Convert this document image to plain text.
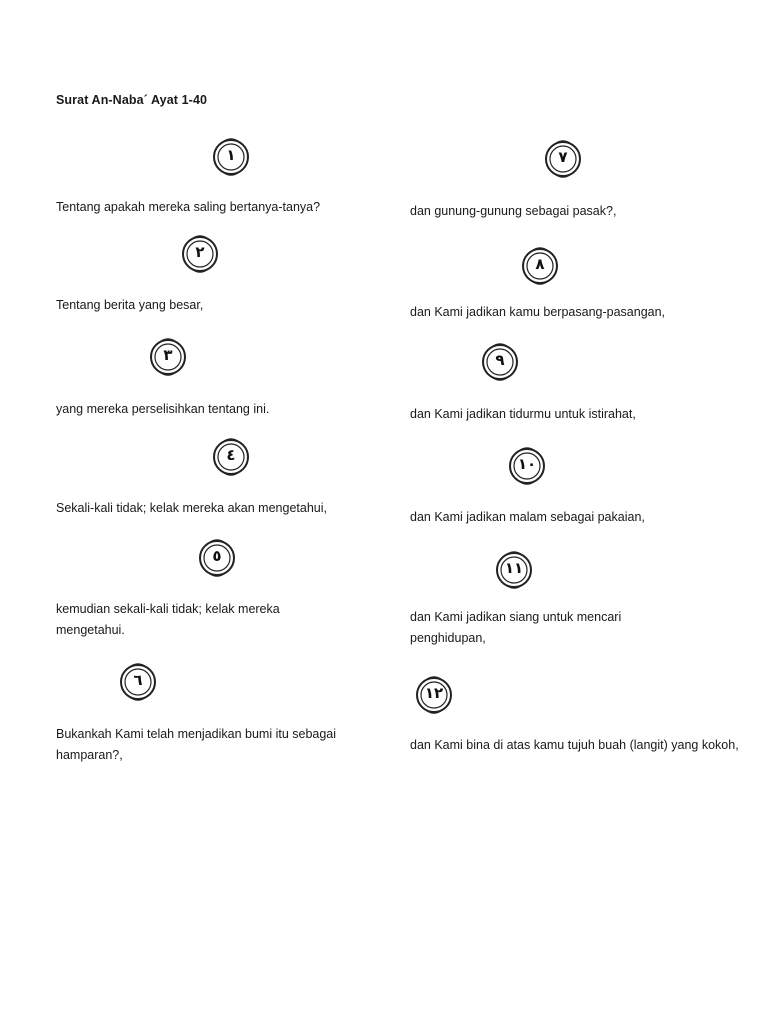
Surat An-Naba´ Ayat 1-40
١
Tentang apakah mereka saling bertanya-tanya?
٢
Tentang berita yang besar,
٣
yang mereka perselisihkan tentang ini.
٤
Sekali-kali tidak; kelak mereka akan mengetahui,
٥
kemudian sekali-kali tidak; kelak mereka mengetahui.
٦
Bukankah Kami telah menjadikan bumi itu sebagai hamparan?,
٧
dan gunung-gunung sebagai pasak?,
٨
dan Kami jadikan kamu berpasang-pasangan,
٩
dan Kami jadikan tidurmu untuk istirahat,
١٠
dan Kami jadikan malam sebagai pakaian,
١١
dan Kami jadikan siang untuk mencari penghidupan,
١٢
dan Kami bina di atas kamu tujuh buah (langit) yang kokoh,
